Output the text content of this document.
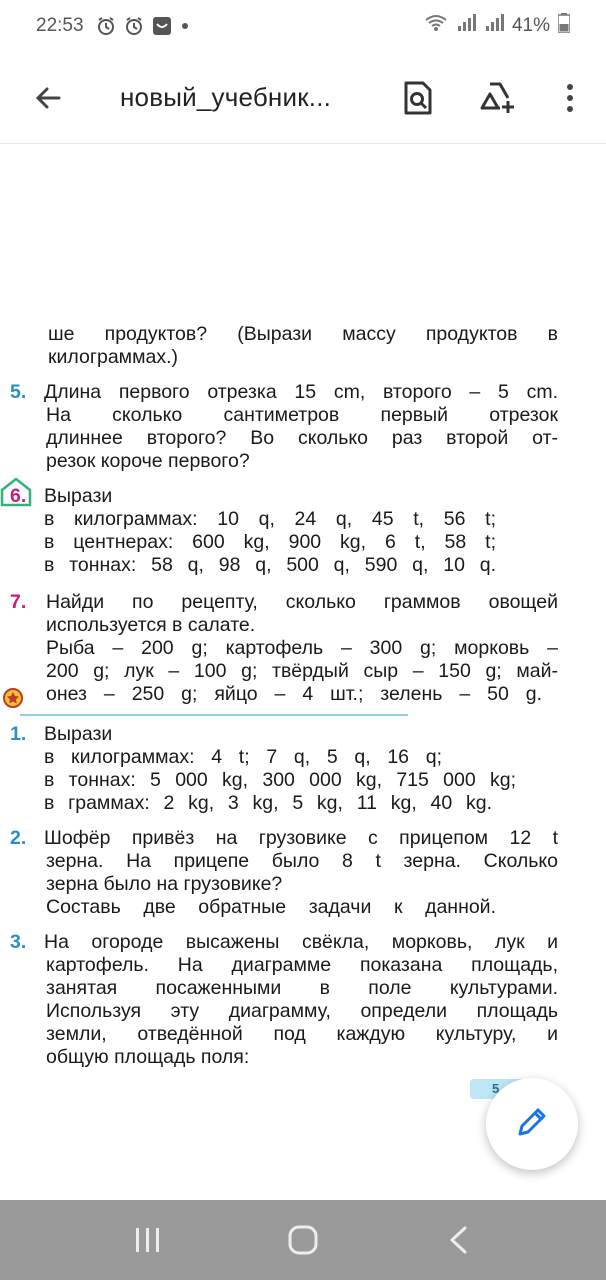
22:53	41%
новый_учебник...
ше продуктов? (Вырази массу продуктов в
килограммах.)
5. Длина первого отрезка 15 cm, второго – 5 cm.
На сколько сантиметров первый отрезок
длиннее второго? Во сколько раз второй от-
резок короче первого?
6. Вырази
в килограммах: 10 q, 24 q, 45 t, 56 t;
в центнерах: 600 kg, 900 kg, 6 t, 58 t;
в тоннах: 58 q, 98 q, 500 q, 590 q, 10 q.
7. Найди по рецепту, сколько граммов овощей
используется в салате.
Рыба – 200 g; картофель – 300 g; морковь –
200 g; лук – 100 g; твёрдый сыр – 150 g; май-
онез – 250 g; яйцо – 4 шт.; зелень – 50 g.
1. Вырази
в килограммах: 4 t; 7 q, 5 q, 16 q;
в тоннах: 5 000 kg, 300 000 kg, 715 000 kg;
в граммах: 2 kg, 3 kg, 5 kg, 11 kg, 40 kg.
2. Шофёр привёз на грузовике с прицепом 12 t
зерна. На прицепе было 8 t зерна. Сколько
зерна было на грузовике?
Составь две обратные задачи к данной.
3. На огороде высажены свёкла, морковь, лук и
картофель. На диаграмме показана площадь,
занятая посаженными в поле культурами.
Используя эту диаграмму, определи площадь
земли, отведённой под каждую культуру, и
общую площадь поля:
5
